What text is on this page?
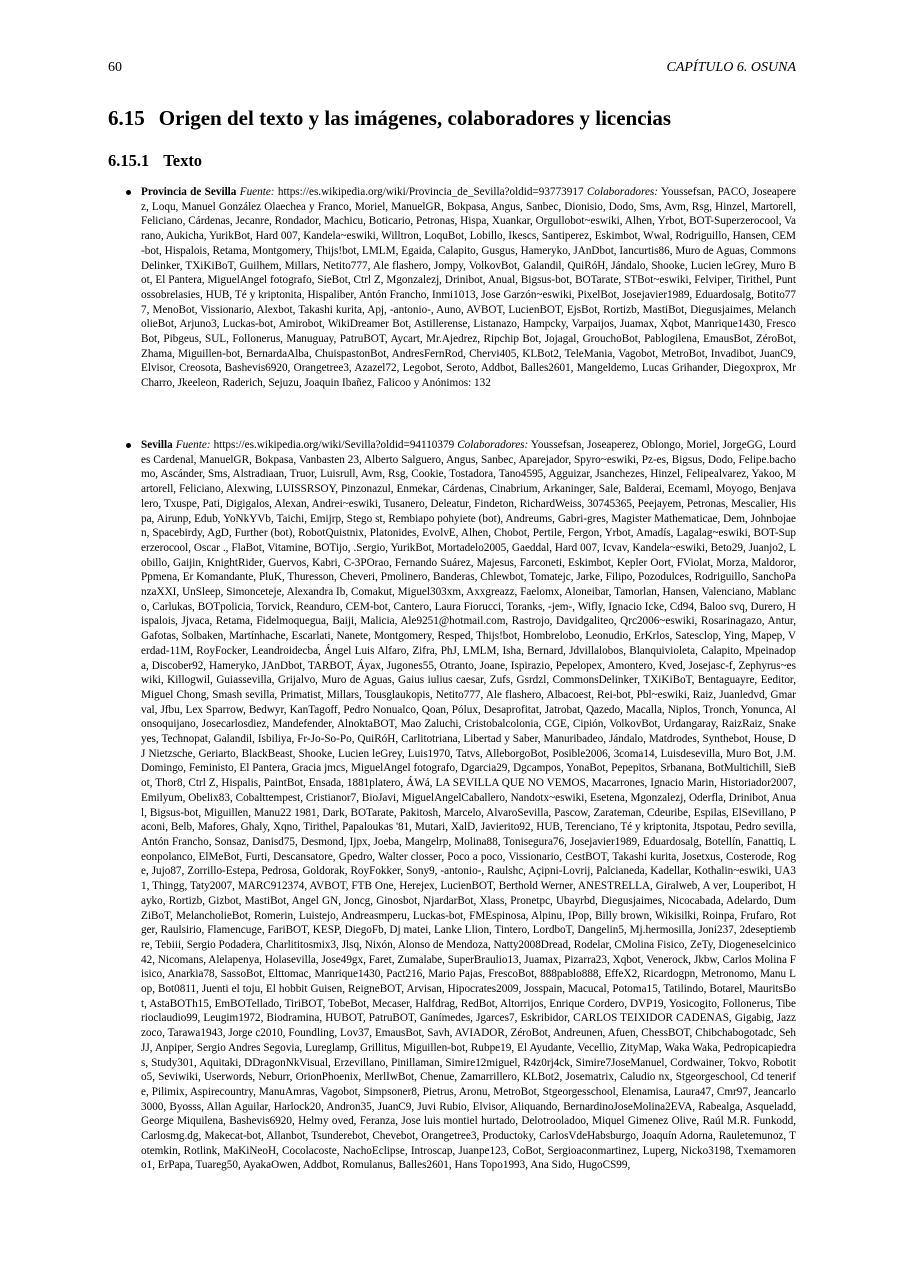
60	CAPÍTULO 6. OSUNA
6.15 Origen del texto y las imágenes, colaboradores y licencias
6.15.1 Texto

Provincia de Sevilla Fuente: https://es.wikipedia.org/wiki/Provincia_de_Sevilla?oldid=93773917 Colaboradores: Youssefsan, PACO, Joseaperez, Loqu, Manuel González Olaechea y Franco, Moriel, ManuelGR, Bokpasa, Angus, Sanbec, Dionisio, Dodo, Sms, Avm, Rsg, Hinzel, Martorell, Feliciano, Cárdenas, Jecanre, Rondador, Machicu, Boticario, Petronas, Hispa, Xuankar, Orgullobot~eswiki, Alhen, Yrbot, BOT-Superzerocool, Varano, Aukicha, YurikBot, Hard 007, Kandela~eswiki, Willtron, LoquBot, Lobillo, Ikescs, Santiperez, Eskimbot, Wwal, Rodriguillo, Hansen, CEM-bot, Hispalois, Retama, Montgomery, Thijs!bot, LMLM, Egaida, Calapito, Gusgus, Hameryko, JAnDbot, Iancurtis86, Muro de Aguas, CommonsDelinker, TXiKiBoT, Guilhem, Millars, Netito777, Ale flashero, Jompy, VolkovBot, Galandil, QuiRóH, Jándalo, Shooke, Lucien leGrey, Muro Bot, El Pantera, MiguelAngel fotografo, SieBot, Ctrl Z, Mgonzalezj, Drinibot, Anual, Bigsus-bot, BOTarate, STBot~eswiki, Felviper, Tirithel, Puntossobrelasies, HUB, Té y kriptonita, Hispaliber, Antón Francho, Inmi1013, Jose Garzón~eswiki, PixelBot, Josejavier1989, Eduardosalg, Botito777, MenoBot, Vissionario, Alexbot, Takashi kurita, Apj, -antonio-, Auno, AVBOT, LucienBOT, EjsBot, Rortizb, MastiBot, Diegusjaimes, MelancholieBot, Arjuno3, Luckas-bot, Amirobot, WikiDreamer Bot, Astillerense, Listanazo, Hampcky, Varpaijos, Juamax, Xqbot, Manrique1430, FrescoBot, Pibgeus, SUL, Follonerus, Manuguay, PatruBOT, Aycart, Mr.Ajedrez, Ripchip Bot, Jojagal, GrouchoBot, Pablogilena, EmausBot, ZéroBot, Zhama, Miguillen-bot, BernardaAlba, ChuispastonBot, AndresFernRod, Chervi405, KLBot2, TeleMania, Vagobot, MetroBot, Invadibot, JuanC9, Elvisor, Creosota, Bashevis6920, Orangetree3, Azazel72, Legobot, Seroto, Addbot, Balles2601, Mangeldemo, Lucas Grihander, Diegoxprox, MrCharro, Jkeeleon, Raderich, Sejuzu, Joaquin Ibañez, Falicoo y Anónimos: 132

Sevilla Fuente: https://es.wikipedia.org/wiki/Sevilla?oldid=94110379 Colaboradores: Youssefsan, Joseaperez, Oblongo, Moriel, JorgeGG, Lourdes Cardenal, ManuelGR, Bokpasa, Vanbasten 23, Alberto Salguero, Angus, Sanbec, Aparejador, Spyro~eswiki, Pz-es, Bigsus, Dodo, Felipe.bachomo, Ascánder, Sms, Alstradiaan, Truor, Luisrull, Avm, Rsg, Cookie, Tostadora, Tano4595, Agguizar, Jsanchezes, Hinzel, Felipealvarez, Yakoo, Martorell, Feliciano, Alexwing, LUISSRSOY, Pinzonazul, Enmekar, Cárdenas, Cinabrium, Arkaninger, Sale, Balderai, Ecemaml, Moyogo, Benjavalero, Txuspe, Pati, Digigalos, Alexan, Andrei~eswiki, Tusanero, Deleatur, Findeton, RichardWeiss, 30745365, Peejayem, Petronas, Mescalier, Hispa, Airunp, Edub, YoNkYVb, Taichi, Emijrp, Stego st, Rembiapo pohyiete (bot), Andreums, Gabri-gres, Magister Mathematicae, Dem, Johnbojaen, Spacebirdy, AgD, Further (bot), RobotQuistnix, Platonides, EvolvE, Alhen, Chobot, Pertile, Fergon, Yrbot, Amadís, Lagalag~eswiki, BOT-Superzerocool, Oscar ., FlaBot, Vitamine, BOTijo, .Sergio, YurikBot, Mortadelo2005, Gaeddal, Hard 007, Icvav, Kandela~eswiki, Beto29, Juanjo2, Lobillo, Gaijin, KnightRider, Guervos, Kabri, C-3POrao, Fernando Suárez, Majesus, Farconeti, Eskimbot, Kepler Oort, FViolat, Morza, Maldoror, Ppmena, Er Komandante, PluK, Thuresson, Cheveri, Pmolinero, Banderas, Chlewbot, Tomatejc, Jarke, Filipo, Pozodulces, Rodriguillo, SanchoPanzaXXI, UnSleep, Simonceteje, Alexandra Ib, Comakut, Miguel303xm, Axxgreazz, Faelomx, Aloneibar, Tamorlan, Hansen, Valenciano, Mablanco, Carlukas, BOTpolicia, Torvick, Reanduro, CEM-bot, Cantero, Laura Fiorucci, Toranks, -jem-, Wifly, Ignacio Icke, Cd94, Baloo svq, Durero, Hispalois, Jjvaca, Retama, Fidelmoquegua, Baiji, Malicia, Ale9251@hotmail.com, Rastrojo, Davidgaliteo, Qrc2006~eswiki, Rosarinagazo, Antur, Gafotas, Solbaken, Martínhache, Escarlati, Nanete, Montgomery, Resped, Thijs!bot, Hombrelobo, Leonudio, ErKrlos, Satesclop, Ying, Mapep, Verdad-11M, RoyFocker, Leandroidecba, Ángel Luis Alfaro, Zifra, PhJ, LMLM, Isha, Bernard, Jdvillalobos, Blanquivioleta, Calapito, Mpeinadopa, Discober92, Hameryko, JAnDbot, TARBOT, Áyax, Jugones55, Otranto, Joane, Ispirazio, Pepelopex, Amontero, Kved, Josejasc-f, Zephyrus~eswiki, Killogwil, Guiassevilla, Grijalvo, Muro de Aguas, Gaius iulius caesar, Zufs, Gsrdzl, CommonsDelinker, TXiKiBoT, Bentaguayre, Eeditor, Miguel Chong, Smash sevilla, Primatist, Millars, Tousglaukopis, Netito777, Ale flashero, Albacoest, Rei-bot, Pbl~eswiki, Raiz, Juanledvd, Gmarval, Jfbu, Lex Sparrow, Bedwyr, KanTagoff, Pedro Nonualco, Qoan, Pólux, Desaprofitat, Jatrobat, Qazedo, Macalla, Niplos, Tronch, Yonunca, Alonsoquijano, Josecarlosdiez, Mandefender, AlnoktaBOT, Mao Zaluchi, Cristobalcolonia, CGE, Cipión, VolkovBot, Urdangaray, RaizRaiz, Snakeyes, Technopat, Galandil, Isbiliya, Fr-Jo-So-Po, QuiRóH, Carlitotriana, Libertad y Saber, Manuribadeo, Jándalo, Matdrodes, Synthebot, House, DJ Nietzsche, Geriarto, BlackBeast, Shooke, Lucien leGrey, Luis1970, Tatvs, AlleborgoBot, Posible2006, 3coma14, Luisdesevilla, Muro Bot, J.M.Domingo, Feministo, El Pantera, Gracia jmcs, MiguelAngel fotografo, Dgarcia29, Dgcampos, YonaBot, Pepepitos, Srbanana, BotMultichill, SieBot, Thor8, Ctrl Z, Hispalis, PaintBot, Ensada, 1881platero, ÁWá, LA SEVILLA QUE NO VEMOS, Macarrones, Ignacio Marin, Historiador2007, Emilyum, Obelix83, Cobalttempest, Cristianor7, BioJavi, MiguelAngelCaballero, Nandotx~eswiki, Esetena, Mgonzalezj, Oderfla, Drinibot, Anual, Bigsus-bot, Miguillen, Manu22 1981, Dark, BOTarate, Pakitosh, Marcelo, AlvaroSevilla, Pascow, Zarateman, Cdeuribe, Espilas, ElSevillano, Paconi, Belb, Mafores, Ghaly, Xqno, Tirithel, Papaloukas '81, Mutari, XalD, Javierito92, HUB, Terenciano, Té y kriptonita, Jtspotau, Pedro sevilla, Antón Francho, Sonsaz, Danisd75, Desmond, Ijpx, Joeba, Mangelrp, Molina88, Tonisegura76, Josejavier1989, Eduardosalg, Botellín, Fanattiq, Leonpolanco, ElMeBot, Furti, Descansatore, Gpedro, Walter closser, Poco a poco, Vissionario, CestBOT, Takashi kurita, Josetxus, Costerode, Roge, Jujo87, Zorrillo-Estepa, Pedrosa, Goldorak, RoyFokker, Sony9, -antonio-, Raulshc, Açipni-Lovrij, Palcianeda, Kadellar, Kothalin~eswiki, UA31, Thingg, Taty2007, MARC912374, AVBOT, FTB One, Herejex, LucienBOT, Berthold Werner, ANESTRELLA, Giralweb, A ver, Louperibot, Hayko, Rortizb, Gizbot, MastiBot, Angel GN, Joncg, Ginosbot, NjardarBot, Xlass, Pronetpc, Ubayrbd, Diegusjaimes, Nicocabada, Adelardo, DumZiBoT, MelancholieBot, Romerin, Luistejo, Andreasmperu, Luckas-bot, FMEspinosa, Alpinu, IPop, Billy brown, Wikisilki, Roinpa, Frufaro, Rotger, Raulsirio, Flamencuge, FariBOT, KESP, DiegoFb, Dj matei, Lanke Llion, Tintero, LordboT, Dangelin5, Mj.hermosilla, Joni237, 2deseptiembre, Tebiii, Sergio Podadera, Charlititosmix3, Jlsq, Nixón, Alonso de Mendoza, Natty2008Dread, Rodelar, CMolina Fisico, ZeTy, Diogeneselcinico42, Nicomans, Alelapenya, Holasevilla, Jose49gx, Faret, Zumalabe, SuperBraulio13, Juamax, Pizarra23, Xqbot, Venerock, Jkbw, Carlos Molina Fisico, Anarkia78, SassoBot, Elttomac, Manrique1430, Pact216, Mario Pajas, FrescoBot, 888pablo888, EffeX2, Ricardogpn, Metronomo, Manu Lop, Bot0811, Juenti el toju, El hobbit Guisen, ReigneBOT, Arvisan, Hipocrates2009, Josspain, Macucal, Potoma15, Tatilindo, Botarel, MauritsBot, AstaBOTh15, EmBOTellado, TiriBOT, TobeBot, Mecaser, Halfdrag, RedBot, Altorrijos, Enrique Cordero, DVP19, Yosicogito, Follonerus, Tiberioclaudio99, Leugim1972, Biodramina, HUBOT, PatruBOT, Ganímedes, Jgarces7, Eskribidor, CARLOS TEIXIDOR CADENAS, Gigabig, Jazz zoco, Tarawa1943, Jorge c2010, Foundling, Lov37, EmausBot, Savh, AVIADOR, ZéroBot, Andreunen, Afuen, ChessBOT, Chibchabogotadc, Seh JJ, Anpiper, Sergio Andres Segovia, Lureglamp, Grillitus, Miguillen-bot, Rubpe19, El Ayudante, Vecellio, ZityMap, Waka Waka, Pedropicapiedras, Study301, Aquitaki, DDragonNkVisual, Erzevillano, Pinillaman, Simire12miguel, R4z0rj4ck, Simire7JoseManuel, Cordwainer, Tokvo, Robotito5, Seviwiki, Userwords, Neburr, OrionPhoenix, MerlIwBot, Chenue, Zamarrillero, KLBot2, Josematrix, Caludio nx, Stgeorgeschool, Cd tenerife, Pilimix, Aspirecountry, ManuAmras, Vagobot, Simpsoner8, Pietrus, Aronu, MetroBot, Stgeorgesschool, Elenamisa, Laura47, Cmr97, Jeancarlo3000, Byosss, Allan Aguilar, Harlock20, Andron35, JuanC9, Juvi Rubio, Elvisor, Aliquando, BernardinoJoseMolina2EVA, Rabealga, Asqueladd, George Miquilena, Bashevis6920, Helmy oved, Feranza, Jose luis montiel hurtado, Delotrooladoo, Miquel Gimenez Olive, Raúl M.R. Funkodd, Carlosmg.dg, Makecat-bot, Allanbot, Tsunderebot, Chevebot, Orangetree3, Productoky, CarlosVdeHabsburgo, Joaquín Adorna, Rauletemunoz, Totemkin, Rotlink, MaKiNeoH, Cocolacoste, NachoEclipse, Introscap, Juanpe123, CoBot, Sergioaconmartinez, Luperg, Nicko3198, Txemamoreno1, ErPapa, Tuareg50, AyakaOwen, Addbot, Romulanus, Balles2601, Hans Topo1993, Ana Sido, HugoCS99,
